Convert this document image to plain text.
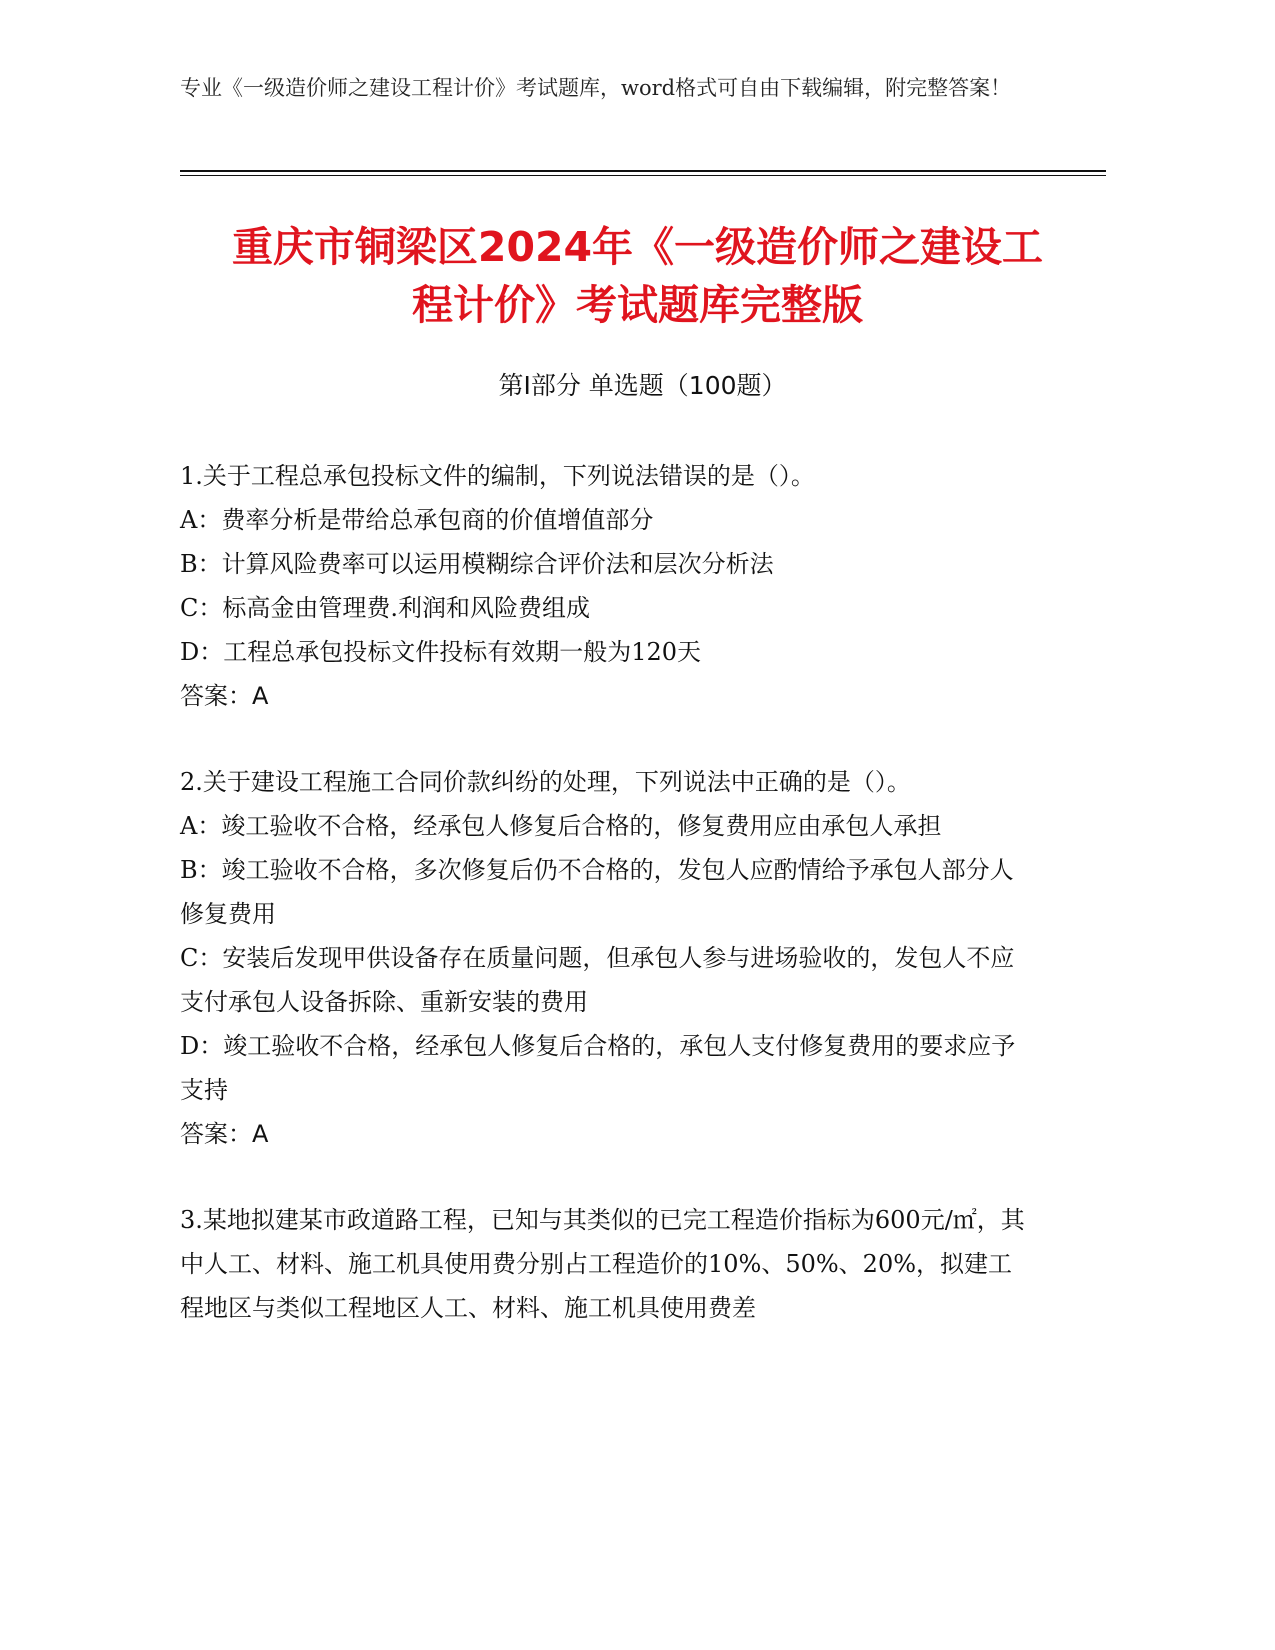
专业《一级造价师之建设工程计价》考试题库，word格式可自由下载编辑，附完整答案！
重庆市铜梁区2024年《一级造价师之建设工
程计价》考试题库完整版
第Ⅰ部分 单选题（100题）

1.关于工程总承包投标文件的编制，下列说法错误的是（）。

A：费率分析是带给总承包商的价值增值部分

B：计算风险费率可以运用模糊综合评价法和层次分析法

C：标高金由管理费.利润和风险费组成

D：工程总承包投标文件投标有效期一般为120天

答案：A

2.关于建设工程施工合同价款纠纷的处理，下列说法中正确的是（）。

A：竣工验收不合格，经承包人修复后合格的，修复费用应由承包人承担

B：竣工验收不合格，多次修复后仍不合格的，发包人应酌情给予承包人部分人修复费用

C：安装后发现甲供设备存在质量问题，但承包人参与进场验收的，发包人不应支付承包人设备拆除、重新安装的费用

D：竣工验收不合格，经承包人修复后合格的，承包人支付修复费用的要求应予支持

答案：A

3.某地拟建某市政道路工程，已知与其类似的已完工程造价指标为600元/㎡，其中人工、材料、施工机具使用费分别占工程造价的10%、50%、20%，拟建工程地区与类似工程地区人工、材料、施工机具使用费差
